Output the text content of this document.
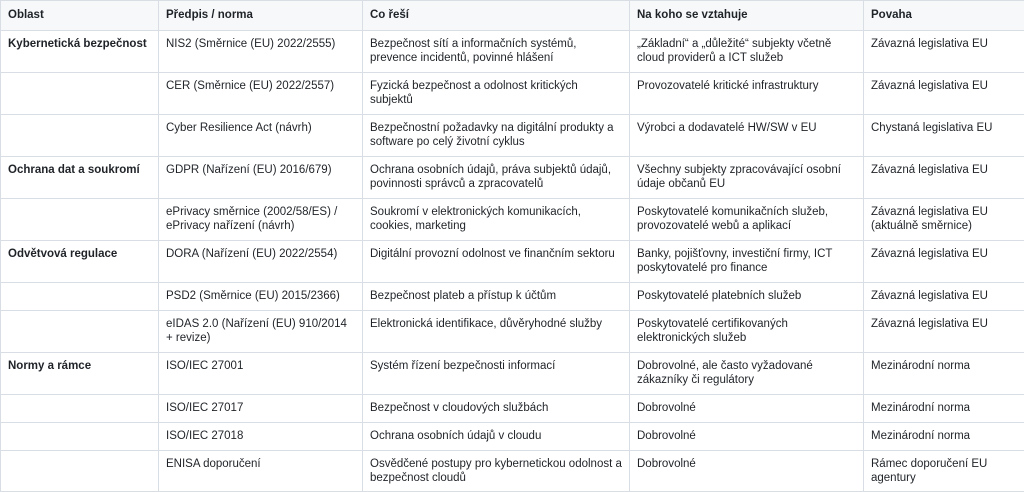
Oblast	Předpis / norma	Co řeší	Na koho se vztahuje	Povaha
Kybernetická bezpečnost	NIS2 (Směrnice (EU) 2022/2555)	Bezpečnost sítí a informačních systémů, prevence incidentů, povinné hlášení	„Základní“ a „důležité“ subjekty včetně cloud providerů a ICT služeb	Závazná legislativa EU
	CER (Směrnice (EU) 2022/2557)	Fyzická bezpečnost a odolnost kritických subjektů	Provozovatelé kritické infrastruktury	Závazná legislativa EU
	Cyber Resilience Act (návrh)	Bezpečnostní požadavky na digitální produkty a software po celý životní cyklus	Výrobci a dodavatelé HW/SW v EU	Chystaná legislativa EU
Ochrana dat a soukromí	GDPR (Nařízení (EU) 2016/679)	Ochrana osobních údajů, práva subjektů údajů, povinnosti správců a zpracovatelů	Všechny subjekty zpracovávající osobní údaje občanů EU	Závazná legislativa EU
	ePrivacy směrnice (2002/58/ES) / ePrivacy nařízení (návrh)	Soukromí v elektronických komunikacích, cookies, marketing	Poskytovatelé komunikačních služeb, provozovatelé webů a aplikací	Závazná legislativa EU (aktuálně směrnice)
Odvětvová regulace	DORA (Nařízení (EU) 2022/2554)	Digitální provozní odolnost ve finančním sektoru	Banky, pojišťovny, investiční firmy, ICT poskytovatelé pro finance	Závazná legislativa EU
	PSD2 (Směrnice (EU) 2015/2366)	Bezpečnost plateb a přístup k účtům	Poskytovatelé platebních služeb	Závazná legislativa EU
	eIDAS 2.0 (Nařízení (EU) 910/2014 + revize)	Elektronická identifikace, důvěryhodné služby	Poskytovatelé certifikovaných elektronických služeb	Závazná legislativa EU
Normy a rámce	ISO/IEC 27001	Systém řízení bezpečnosti informací	Dobrovolné, ale často vyžadované zákazníky či regulátory	Mezinárodní norma
	ISO/IEC 27017	Bezpečnost v cloudových službách	Dobrovolné	Mezinárodní norma
	ISO/IEC 27018	Ochrana osobních údajů v cloudu	Dobrovolné	Mezinárodní norma
	ENISA doporučení	Osvědčené postupy pro kybernetickou odolnost a bezpečnost cloudů	Dobrovolné	Rámec doporučení EU agentury
